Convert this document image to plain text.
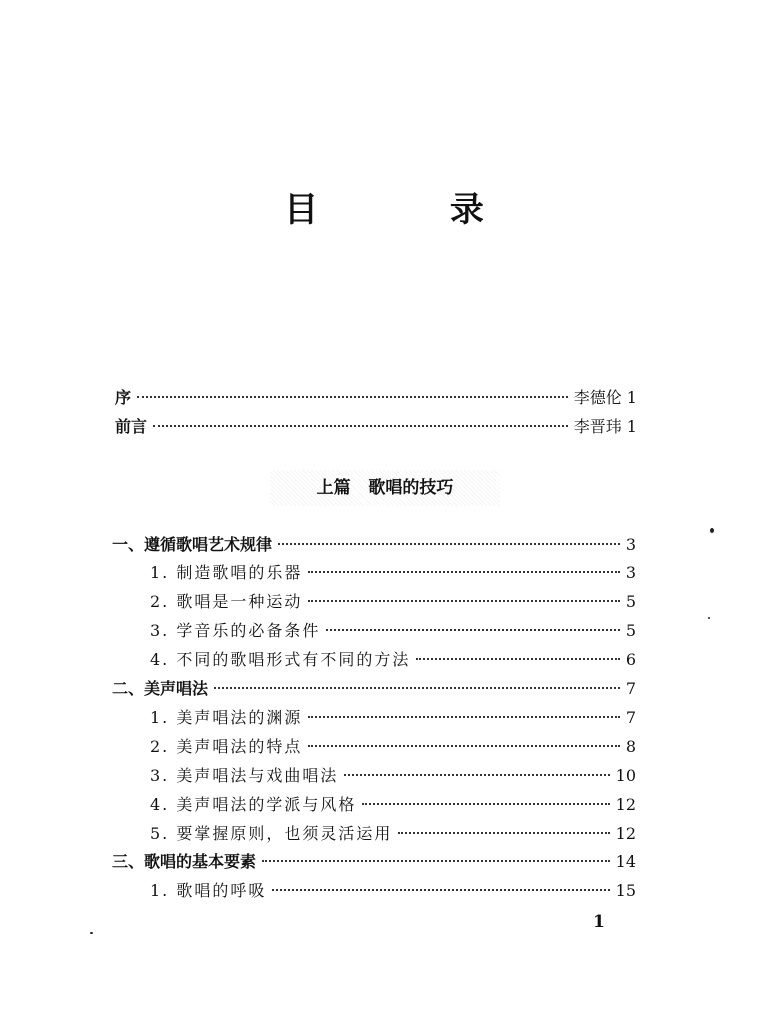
目 录
序	李德伦 1
前言	李晋玮 1
上篇   歌唱的技巧
一、遵循歌唱艺术规律	3
1. 制造歌唱的乐器	3
2. 歌唱是一种运动	5
3. 学音乐的必备条件	5
4. 不同的歌唱形式有不同的方法	6
二、美声唱法	7
1. 美声唱法的渊源	7
2. 美声唱法的特点	8
3. 美声唱法与戏曲唱法	10
4. 美声唱法的学派与风格	12
5. 要掌握原则，也须灵活运用	12
三、歌唱的基本要素	14
1. 歌唱的呼吸	15
1
